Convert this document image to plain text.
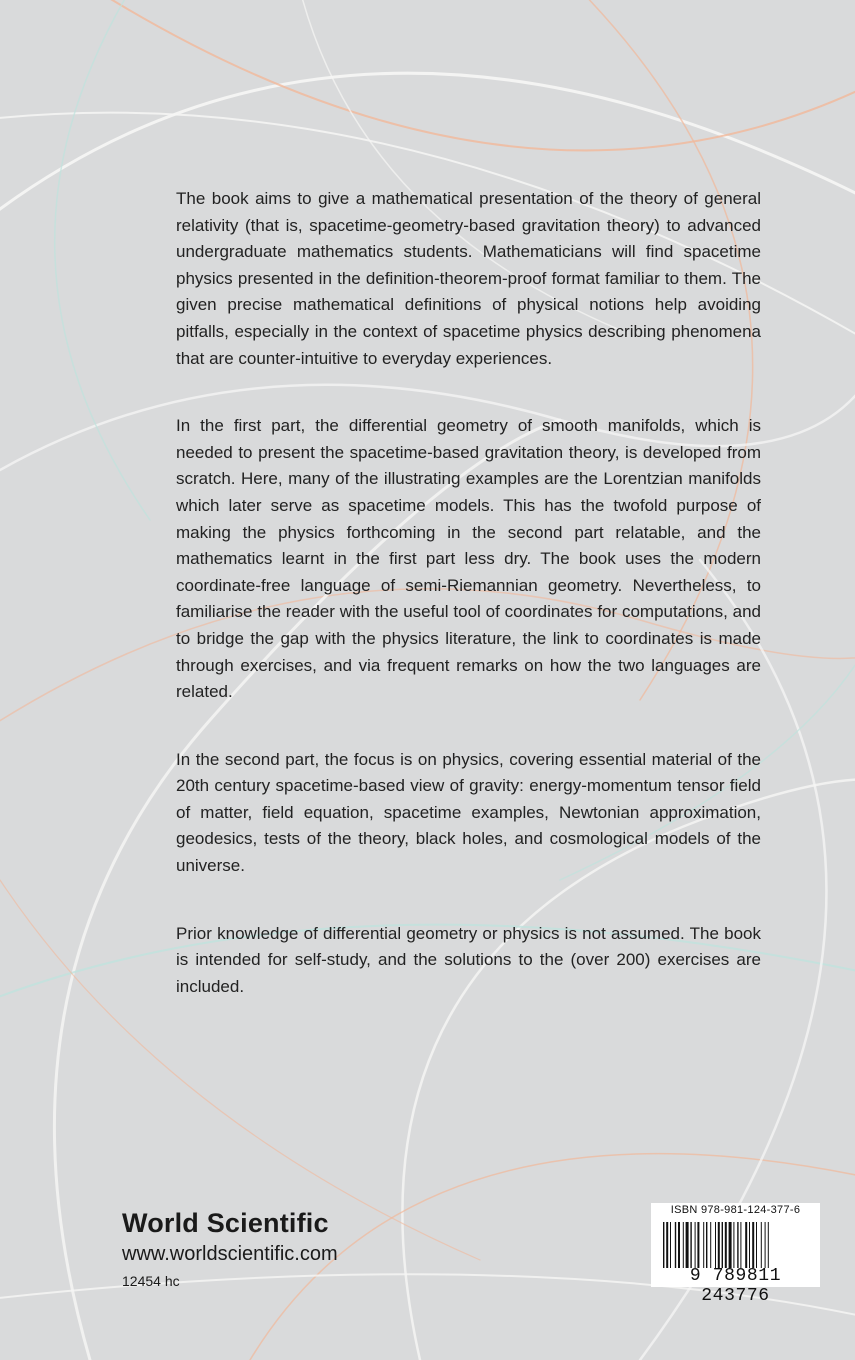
The book aims to give a mathematical presentation of the theory of general relativity (that is, spacetime-geometry-based gravitation theory) to advanced undergraduate mathematics students. Mathematicians will find spacetime physics presented in the definition-theorem-proof format familiar to them. The given precise mathematical definitions of physical notions help avoiding pitfalls, especially in the context of spacetime physics describing phenomena that are counter-intuitive to everyday experiences.

In the first part, the differential geometry of smooth manifolds, which is needed to present the spacetime-based gravitation theory, is developed from scratch. Here, many of the illustrating examples are the Lorentzian manifolds which later serve as spacetime models. This has the twofold purpose of making the physics forthcoming in the second part relatable, and the mathematics learnt in the first part less dry. The book uses the modern coordinate-free language of semi-Riemannian geometry. Nevertheless, to familiarise the reader with the useful tool of coordinates for computations, and to bridge the gap with the physics literature, the link to coordinates is made through exercises, and via frequent remarks on how the two languages are related.

In the second part, the focus is on physics, covering essential material of the 20th century spacetime-based view of gravity: energy-momentum tensor field of matter, field equation, spacetime examples, Newtonian approximation, geodesics, tests of the theory, black holes, and cosmological models of the universe.

Prior knowledge of differential geometry or physics is not assumed. The book is intended for self-study, and the solutions to the (over 200) exercises are included.

World Scientific
www.worldscientific.com
12454 hc
ISBN 978-981-124-377-6
9 789811 243776
